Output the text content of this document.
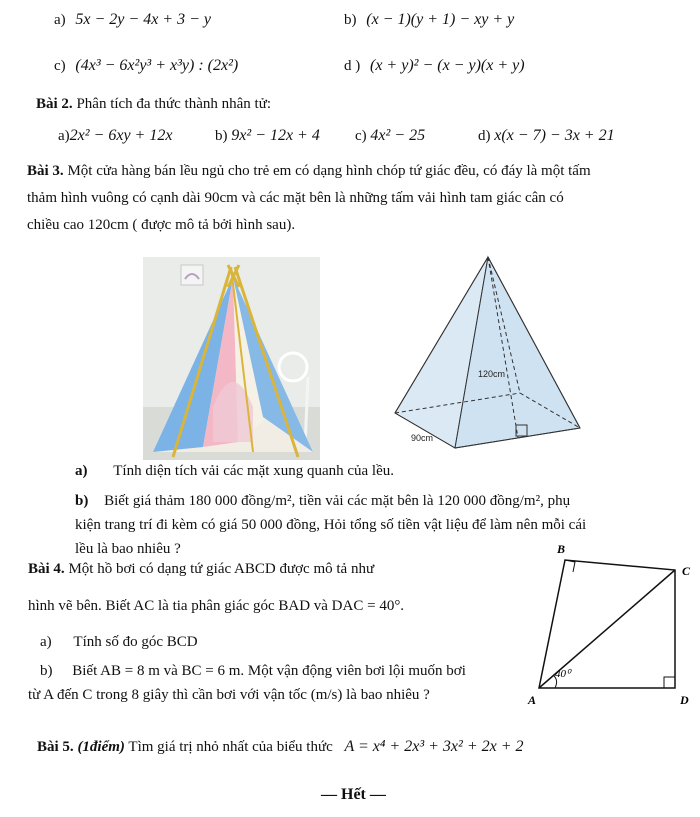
a) 5x − 2y − 4x + 3 − y	b) (x − 1)(y + 1) − xy + y
c) (4x³ − 6x²y³ + x³y) : (2x²)	d ) (x + y)² − (x − y)(x + y)
Bài 2. Phân tích đa thức thành nhân tử:
a)2x² − 6xy + 12x	b) 9x² − 12x + 4 c) 4x² − 25	d) x(x − 7) − 3x + 21
Bài 3. Một cửa hàng bán lều ngủ cho trẻ em có dạng hình chóp tứ giác đều, có đáy là một tấm
thảm hình vuông có cạnh dài 90cm và các mặt bên là những tấm vải hình tam giác cân có
chiều cao 120cm ( được mô tả bởi hình sau).
120cm
90cm
a) Tính diện tích vải các mặt xung quanh của lều.
b) Biết giá thảm 180 000 đồng/m², tiền vải các mặt bên là 120 000 đồng/m², phụ
kiện trang trí đi kèm có giá 50 000 đồng, Hỏi tổng số tiền vật liệu để làm nên mỗi cái
lều là bao nhiêu ?
Bài 4. Một hồ bơi có dạng tứ giác ABCD được mô tả như
hình vẽ bên. Biết AC là tia phân giác góc BAD và DAC = 40°.
a) Tính số đo góc BCD
b) Biết AB = 8 m và BC = 6 m. Một vận động viên bơi lội muốn bơi
từ A đến C trong 8 giây thì cần bơi với vận tốc (m/s) là bao nhiêu ?
40⁰
A
B
C
D
Bài 5. (1điểm) Tìm giá trị nhỏ nhất của biểu thức A = x⁴ + 2x³ + 3x² + 2x + 2
— Hết —
